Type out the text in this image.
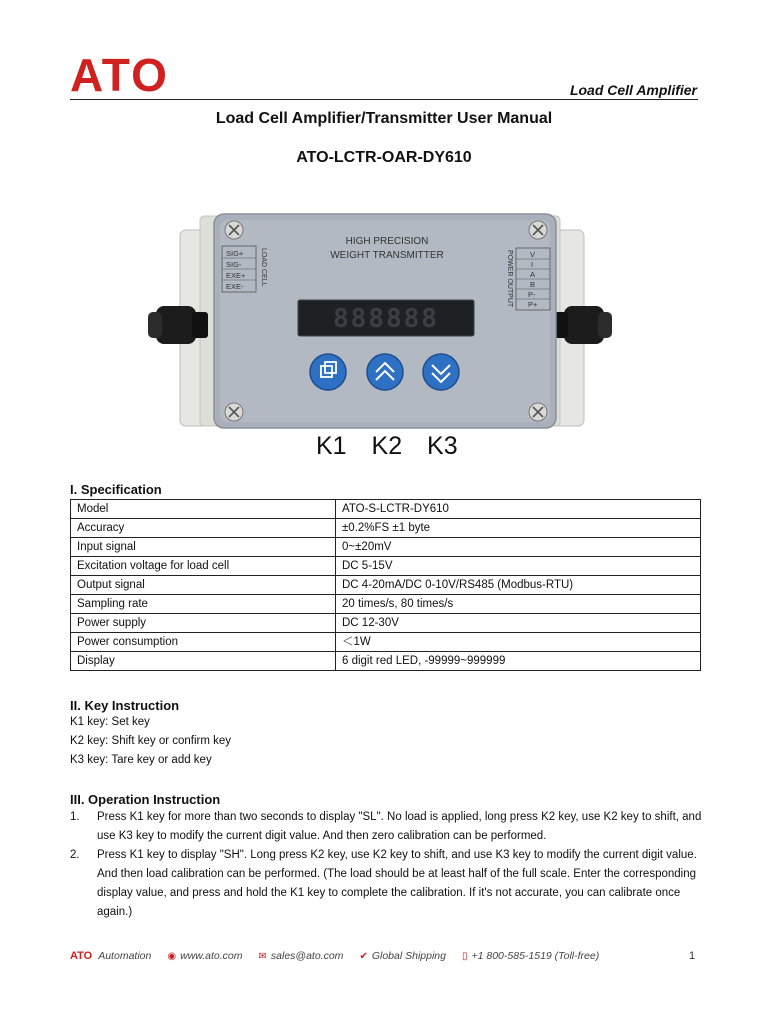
ATO	Load Cell Amplifier
Load Cell Amplifier/Transmitter User Manual
ATO-LCTR-OAR-DY610
HIGH PRECISION
WEIGHT TRANSMITTER
SIG+
SIG-
EXE+
EXE- LOAD CELL	V
I
A
B
P-
P+
POWER OUTPUT
888888
K1 K2 K3
I. Specification
Model	ATO-S-LCTR-DY610
Accuracy	±0.2%FS ±1 byte
Input signal	0~±20mV
Excitation voltage for load cell	DC 5-15V
Output signal	DC 4-20mA/DC 0-10V/RS485 (Modbus-RTU)
Sampling rate	20 times/s, 80 times/s
Power supply	DC 12-30V
Power consumption	＜1W
Display	6 digit red LED, -99999~999999
II. Key Instruction
K1 key: Set key
K2 key: Shift key or confirm key
K3 key: Tare key or add key
III. Operation Instruction
1. Press K1 key for more than two seconds to display "SL". No load is applied, long press K2 key, use K2 key to shift, and use K3 key to modify the current digit value. And then zero calibration can be performed.
2. Press K1 key to display "SH". Long press K2 key, use K2 key to shift, and use K3 key to modify the current digit value. And then load calibration can be performed. (The load should be at least half of the full scale. Enter the corresponding display value, and press and hold the K1 key to complete the calibration. If it's not accurate, you can calibrate once again.)
ATO Automation ◉ www.ato.com ✉ sales@ato.com ✔ Global Shipping ▯ +1 800-585-1519 (Toll-free)	1
